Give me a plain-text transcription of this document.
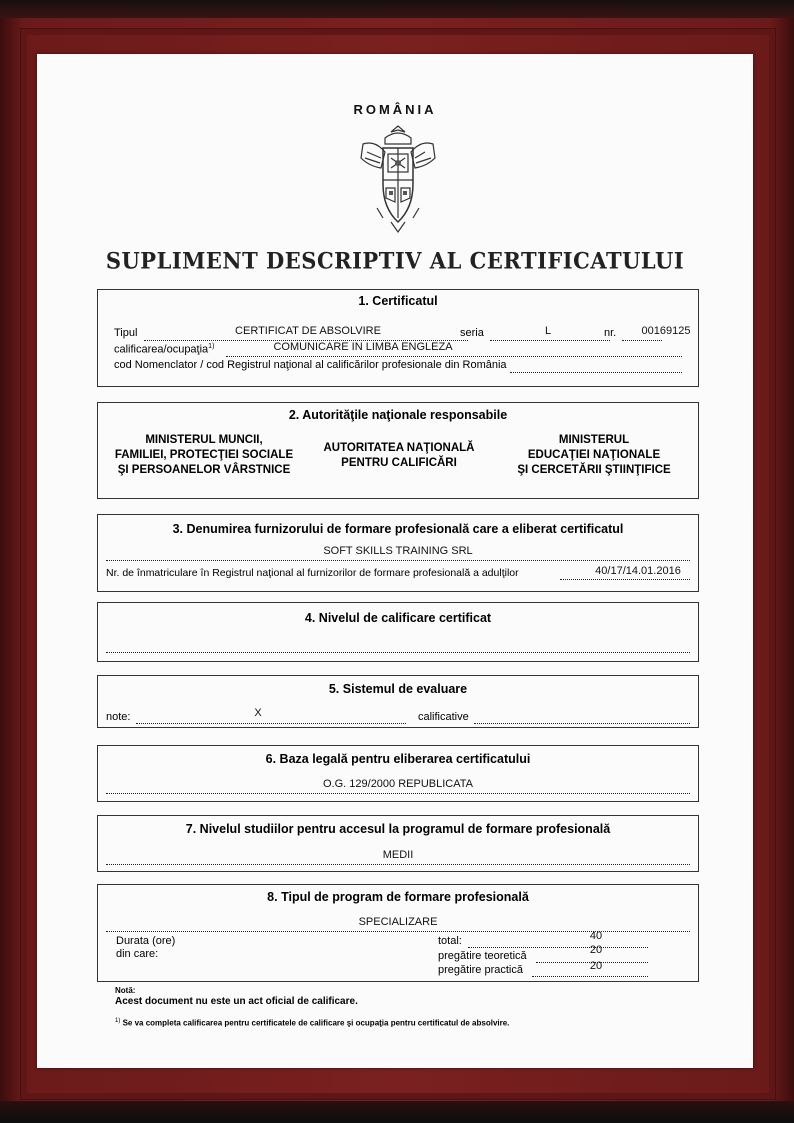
ROMÂNIA
SUPLIMENT DESCRIPTIV AL CERTIFICATULUI
1. Certificatul
Tipul	CERTIFICAT DE ABSOLVIRE	seria	L	nr.	00169125
calificarea/ocupaţia$^{1)}$	COMUNICARE IN LIMBA ENGLEZA
cod Nomenclator / cod Registrul naţional al calificărilor profesionale din România
2. Autorităţile naţionale responsabile
MINISTERUL MUNCII,
FAMILIEI, PROTECŢIEI SOCIALE
ŞI PERSOANELOR VÂRSTNICE
AUTORITATEA NAŢIONALĂ
PENTRU CALIFICĂRI
MINISTERUL
EDUCAŢIEI NAŢIONALE
ŞI CERCETĂRII ŞTIINŢIFICE
3. Denumirea furnizorului de formare profesională care a eliberat certificatul
SOFT SKILLS TRAINING SRL
Nr. de înmatriculare în Registrul naţional al furnizorilor de formare profesională a adulţilor	40/17/14.01.2016
4. Nivelul de calificare certificat
5. Sistemul de evaluare
note:	X	calificative
6. Baza legală pentru eliberarea certificatului
O.G. 129/2000 REPUBLICATA
7. Nivelul studiilor pentru accesul la programul de formare profesională
MEDII
8. Tipul de program de formare profesională
SPECIALIZARE
Durata (ore)
din care:
total:	40
pregătire teoretică	20
pregătire practică	20
Notă:
Acest document nu este un act oficial de calificare.
$^{1)}$ Se va completa calificarea pentru certificatele de calificare şi ocupaţia pentru certificatul de absolvire.
